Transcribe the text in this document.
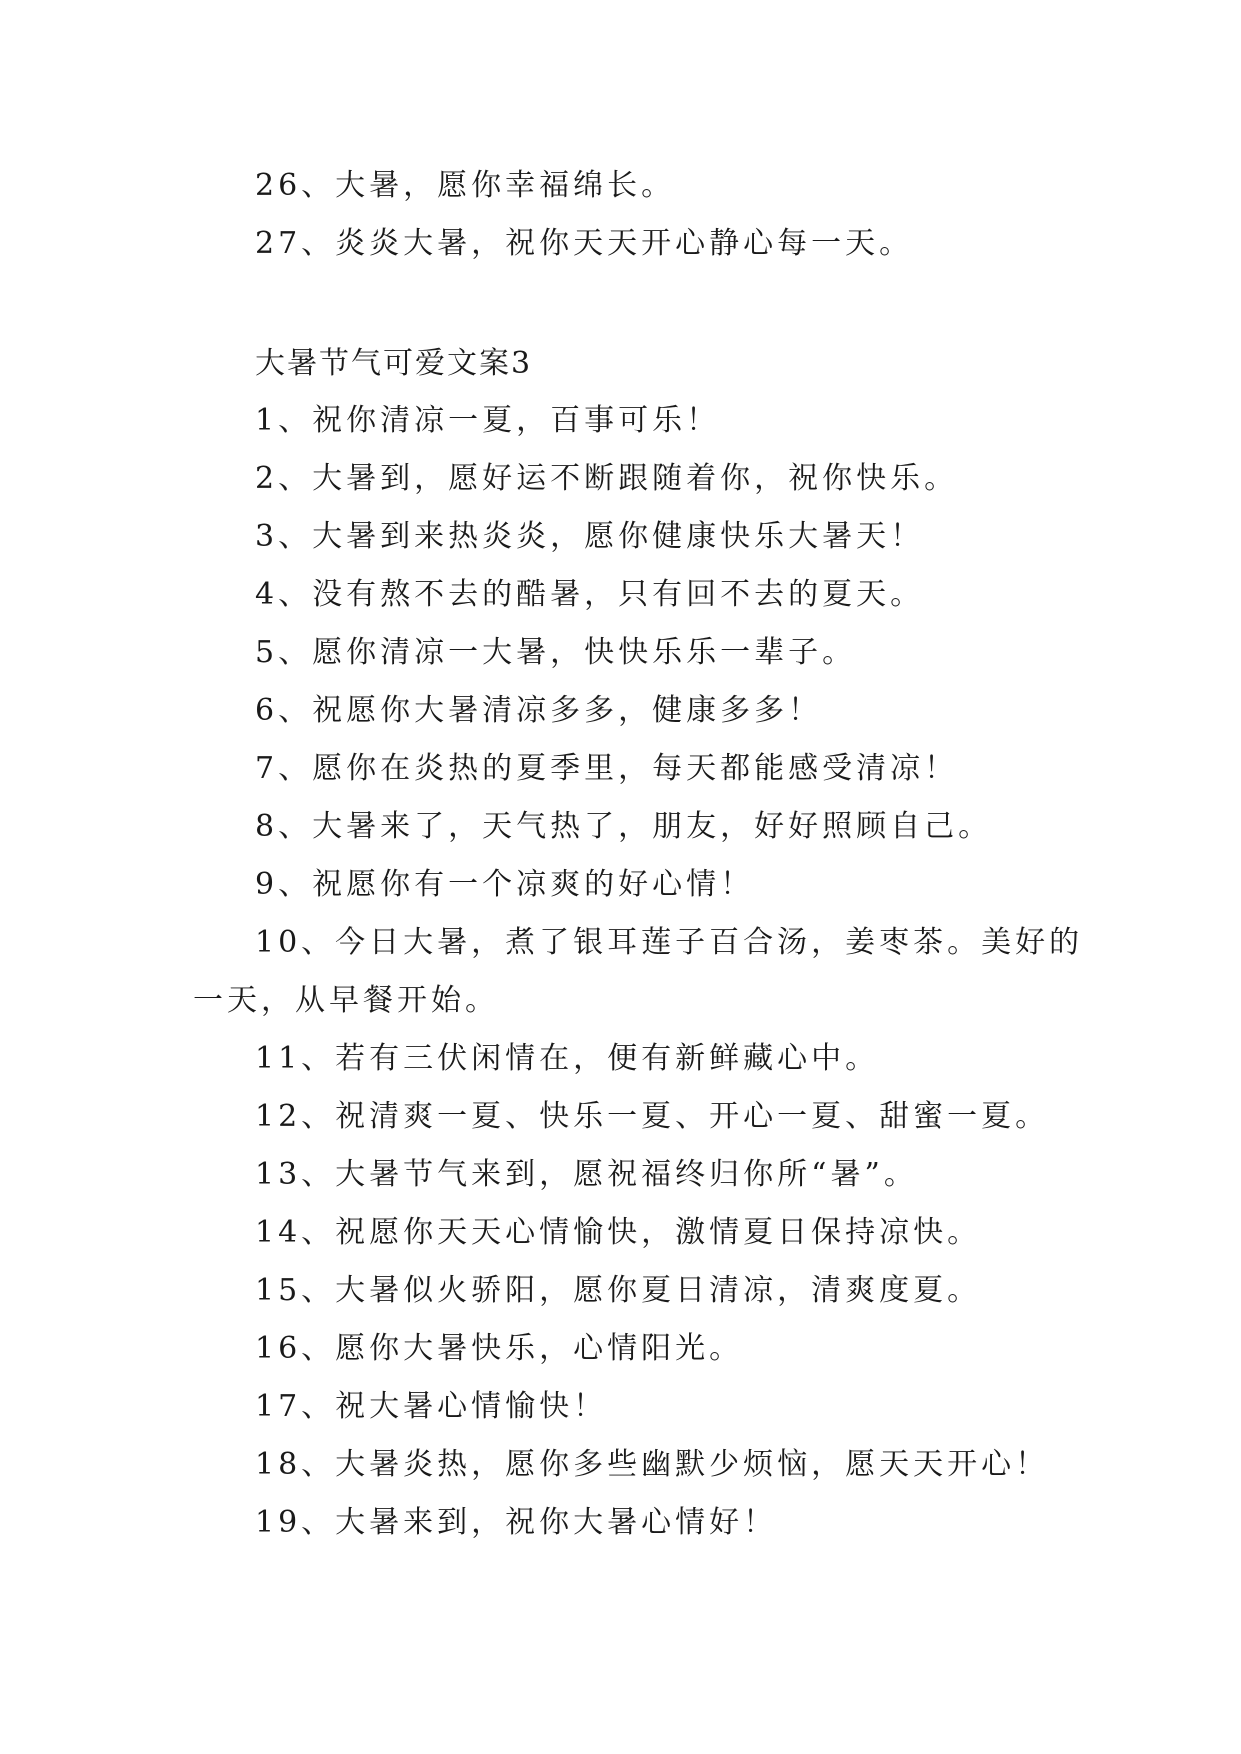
26、大暑，愿你幸福绵长。
27、炎炎大暑，祝你天天开心静心每一天。
大暑节气可爱文案3
1、祝你清凉一夏，百事可乐！
2、大暑到，愿好运不断跟随着你，祝你快乐。
3、大暑到来热炎炎，愿你健康快乐大暑天！
4、没有熬不去的酷暑，只有回不去的夏天。
5、愿你清凉一大暑，快快乐乐一辈子。
6、祝愿你大暑清凉多多，健康多多！
7、愿你在炎热的夏季里，每天都能感受清凉！
8、大暑来了，天气热了，朋友，好好照顾自己。
9、祝愿你有一个凉爽的好心情！
10、今日大暑，煮了银耳莲子百合汤，姜枣茶。美好的
一天，从早餐开始。
11、若有三伏闲情在，便有新鲜藏心中。
12、祝清爽一夏、快乐一夏、开心一夏、甜蜜一夏。
13、大暑节气来到，愿祝福终归你所“暑”。
14、祝愿你天天心情愉快，激情夏日保持凉快。
15、大暑似火骄阳，愿你夏日清凉，清爽度夏。
16、愿你大暑快乐，心情阳光。
17、祝大暑心情愉快！
18、大暑炎热，愿你多些幽默少烦恼，愿天天开心！
19、大暑来到，祝你大暑心情好！
